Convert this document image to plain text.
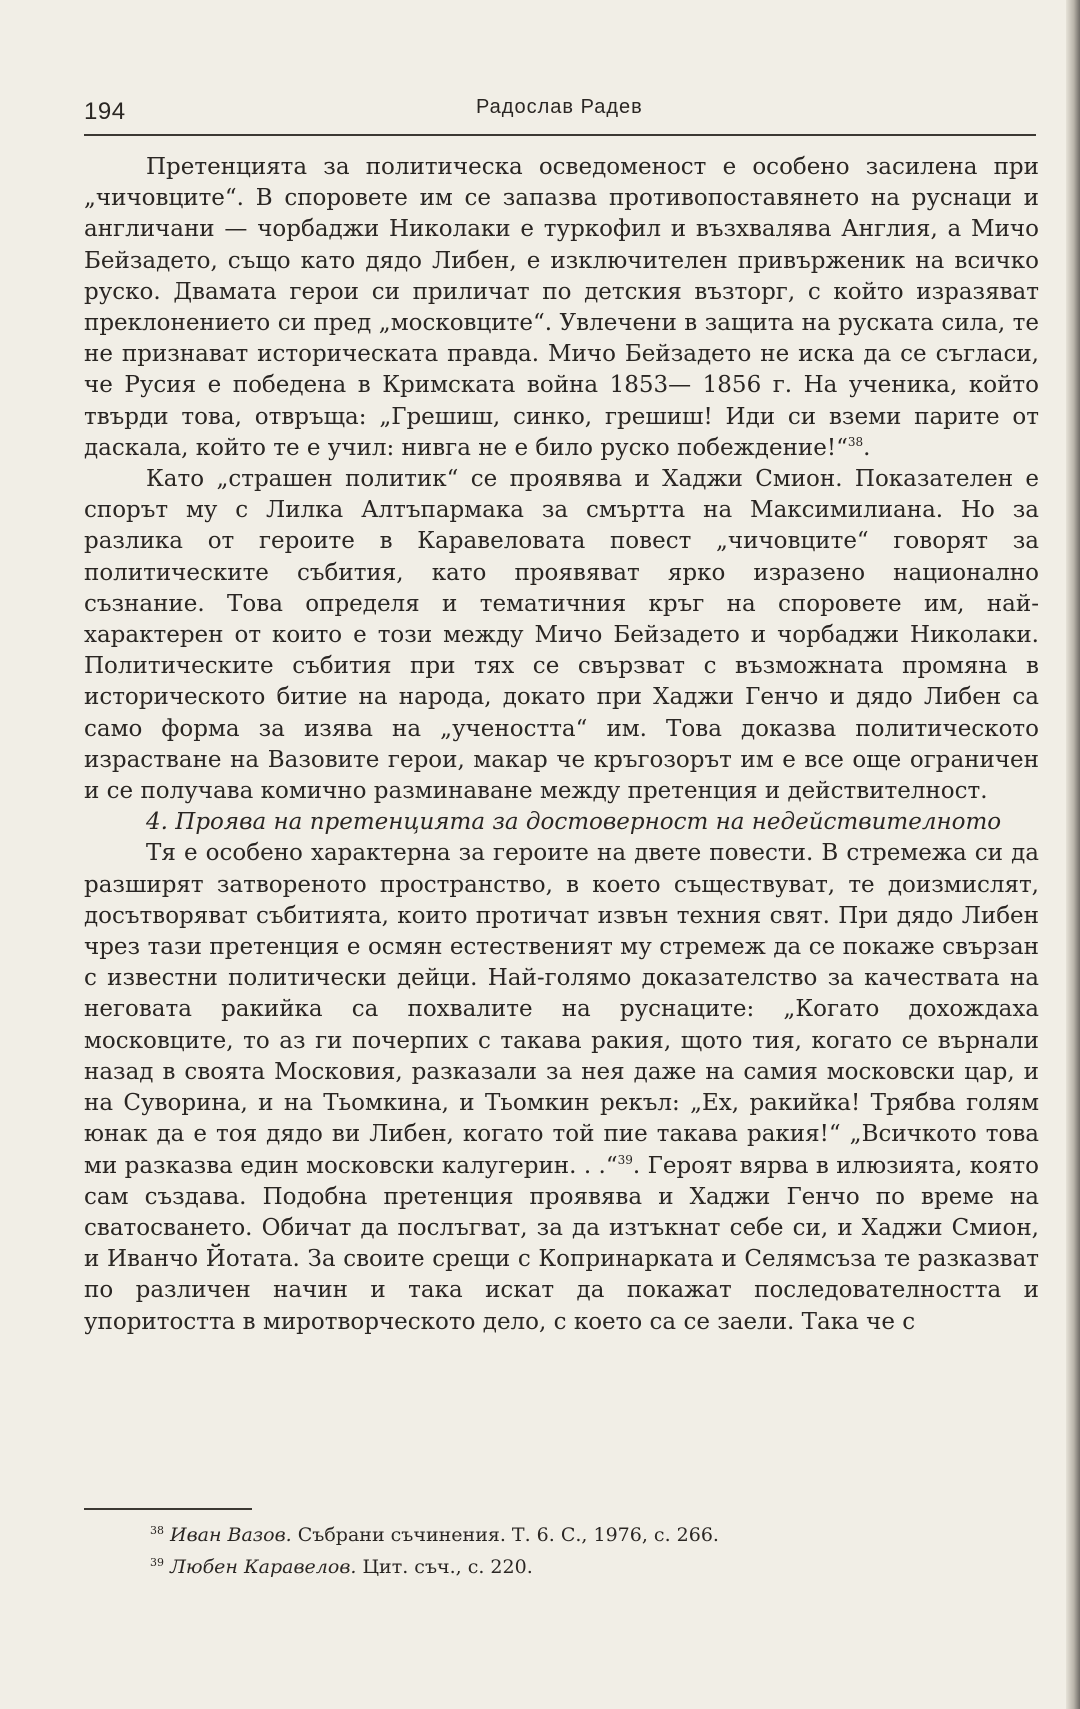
194	Радослав Радев

Претенцията за политическа осведоменост е особено засилена при „чичовците“. В споровете им се запазва противопоставянето на руснаци и англичани — чорбаджи Николаки е туркофил и възхвалява Англия, а Мичо Бейзадето, също като дядо Либен, е изключителен привърженик на всичко руско. Двамата герои си приличат по детския възторг, с който изразяват преклонението си пред „московците“. Увлечени в защита на руската сила, те не признават историческата правда. Мичо Бейзадето не иска да се съгласи, че Русия е победена в Кримската война 1853— 1856 г. На ученика, който твърди това, отвръща: „Грешиш, синко, грешиш! Иди си вземи парите от даскала, който те е учил: нивга не е било руско побеждение!“$^{38}$.

Като „страшен политик“ се проявява и Хаджи Смион. Показателен е спорът му с Лилка Алтъпармака за смъртта на Максимилиана. Но за разлика от героите в Каравеловата повест „чичовците“ говорят за политическите събития, като проявяват ярко изразено национално съзнание. Това определя и тематичния кръг на споровете им, най-характерен от които е този между Мичо Бейзадето и чорбаджи Николаки. Политическите събития при тях се свързват с възможната промяна в историческото битие на народа, докато при Хаджи Генчо и дядо Либен са само форма за изява на „учеността“ им. Това доказва политическото израстване на Вазовите герои, макар че кръгозорът им е все още ограничен и се получава комично разминаване между претенция и действителност.

4. Проява на претенцията за достоверност на недействителното

Тя е особено характерна за героите на двете повести. В стремежа си да разширят затвореното пространство, в което съществуват, те доизмислят, досътворяват събитията, които протичат извън техния свят. При дядо Либен чрез тази претенция е осмян естественият му стремеж да се покаже свързан с известни политически дейци. Най-голямо доказателство за качествата на неговата ракийка са похвалите на руснаците: „Когато дохождаха московците, то аз ги почерпих с такава ракия, щото тия, когато се върнали назад в своята Московия, разказали за нея даже на самия московски цар, и на Суворина, и на Тьомкина, и Тьомкин рекъл: „Ех, ракийка! Трябва голям юнак да е тоя дядо ви Либен, когато той пие такава ракия!“ „Всичкото това ми разказва един московски калугерин. . .“$^{39}$. Героят вярва в илюзията, която сам създава. Подобна претенция проявява и Хаджи Генчо по време на сватосването. Обичат да послъгват, за да изтъкнат себе си, и Хаджи Смион, и Иванчо Йотата. За своите срещи с Копринарката и Селямсъза те разказват по различен начин и така искат да покажат последователността и упоритостта в миротворческото дело, с което са се заели. Така че с

$^{38}$ Иван Вазов. Събрани съчинения. Т. 6. С., 1976, с. 266.

$^{39}$ Любен Каравелов. Цит. съч., с. 220.
